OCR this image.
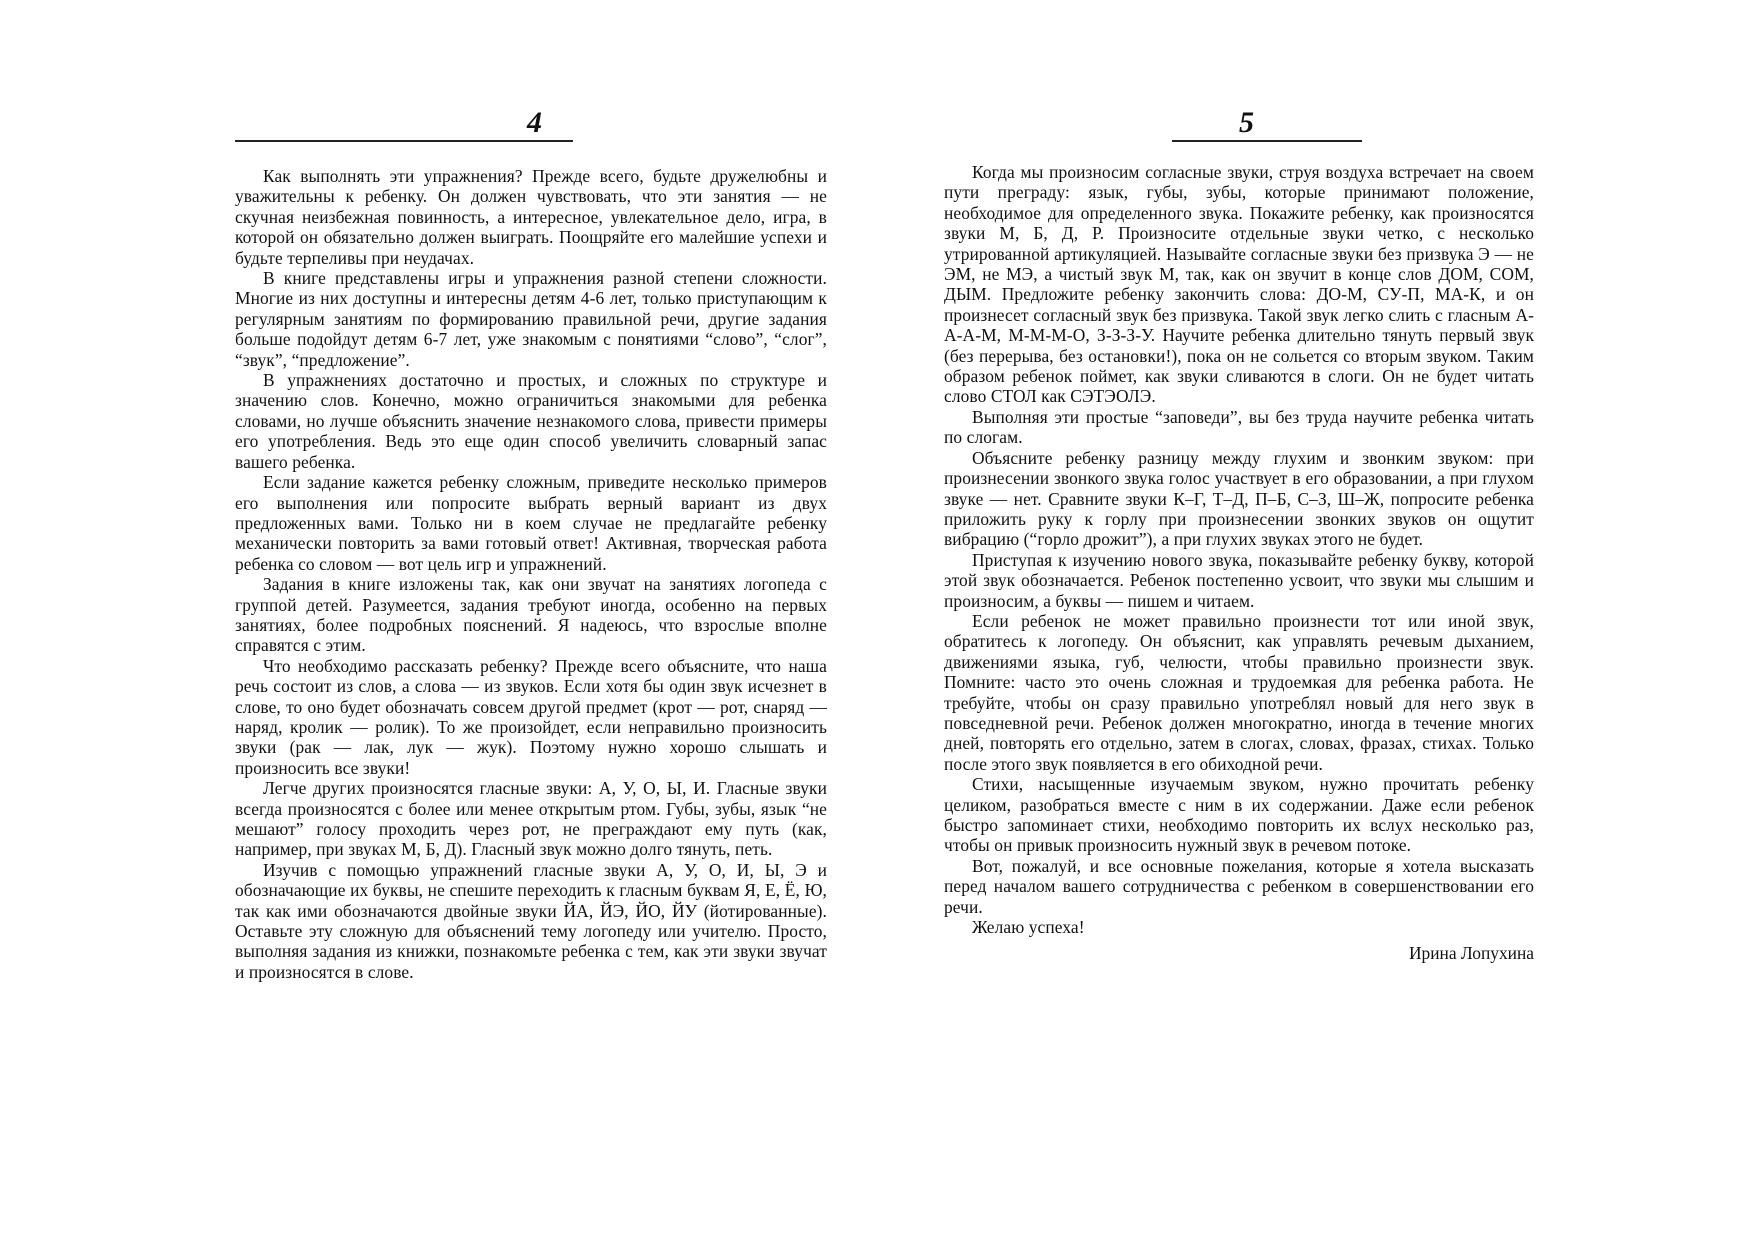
4

Как выполнять эти упражнения? Прежде всего, будьте дружелюбны и уважительны к ребенку. Он должен чувствовать, что эти занятия — не скучная неизбежная повинность, а интересное, увлекательное дело, игра, в которой он обязательно должен выиграть. Поощряйте его малейшие успехи и будьте терпеливы при неудачах.

В книге представлены игры и упражнения разной степени сложности. Многие из них доступны и интересны детям 4-6 лет, только приступающим к регулярным занятиям по формированию правильной речи, другие задания больше подойдут детям 6-7 лет, уже знакомым с понятиями “слово”, “слог”, “звук”, “предложение”.

В упражнениях достаточно и простых, и сложных по структуре и значению слов. Конечно, можно ограничиться знакомыми для ребенка словами, но лучше объяснить значение незнакомого слова, привести примеры его употребления. Ведь это еще один способ увеличить словарный запас вашего ребенка.

Если задание кажется ребенку сложным, приведите несколько примеров его выполнения или попросите выбрать верный вариант из двух предложенных вами. Только ни в коем случае не предлагайте ребенку механически повторить за вами готовый ответ! Активная, творческая работа ребенка со словом — вот цель игр и упражнений.

Задания в книге изложены так, как они звучат на занятиях логопеда с группой детей. Разумеется, задания требуют иногда, особенно на первых занятиях, более подробных пояснений. Я надеюсь, что взрослые вполне справятся с этим.

Что необходимо рассказать ребенку? Прежде всего объясните, что наша речь состоит из слов, а слова — из звуков. Если хотя бы один звук исчезнет в слове, то оно будет обозначать совсем другой предмет (крот — рот, снаряд — наряд, кролик — ролик). То же произойдет, если неправильно произносить звуки (рак — лак, лук — жук). Поэтому нужно хорошо слышать и произносить все звуки!

Легче других произносятся гласные звуки: А, У, О, Ы, И. Гласные звуки всегда произносятся с более или менее открытым ртом. Губы, зубы, язык “не мешают” голосу проходить через рот, не преграждают ему путь (как, например, при звуках М, Б, Д). Гласный звук можно долго тянуть, петь.

Изучив с помощью упражнений гласные звуки А, У, О, И, Ы, Э и обозначающие их буквы, не спешите переходить к гласным буквам Я, Е, Ё, Ю, так как ими обозначаются двойные звуки ЙА, ЙЭ, ЙО, ЙУ (йотированные). Оставьте эту сложную для объяснений тему логопеду или учителю. Просто, выполняя задания из книжки, познакомьте ребенка с тем, как эти звуки звучат и произносятся в слове.

5

Когда мы произносим согласные звуки, струя воздуха встречает на своем пути преграду: язык, губы, зубы, которые принимают положение, необходимое для определенного звука. Покажите ребенку, как произносятся звуки М, Б, Д, Р. Произносите отдельные звуки четко, с несколько утрированной артикуляцией. Называйте согласные звуки без призвука Э — не ЭМ, не МЭ, а чистый звук М, так, как он звучит в конце слов ДОМ, СОМ, ДЫМ. Предложите ребенку закончить слова: ДО-М, СУ-П, МА-К, и он произнесет согласный звук без призвука. Такой звук легко слить с гласным А-А-А-М, М-М-М-О, З-З-З-У. Научите ребенка длительно тянуть первый звук (без перерыва, без остановки!), пока он не сольется со вторым звуком. Таким образом ребенок поймет, как звуки сливаются в слоги. Он не будет читать слово СТОЛ как СЭТЭОЛЭ.

Выполняя эти простые “заповеди”, вы без труда научите ребенка читать по слогам.

Объясните ребенку разницу между глухим и звонким звуком: при произнесении звонкого звука голос участвует в его образовании, а при глухом звуке — нет. Сравните звуки К–Г, Т–Д, П–Б, С–З, Ш–Ж, попросите ребенка приложить руку к горлу при произнесении звонких звуков он ощутит вибрацию (“горло дрожит”), а при глухих звуках этого не будет.

Приступая к изучению нового звука, показывайте ребенку букву, которой этой звук обозначается. Ребенок постепенно усвоит, что звуки мы слышим и произносим, а буквы — пишем и читаем.

Если ребенок не может правильно произнести тот или иной звук, обратитесь к логопеду. Он объяснит, как управлять речевым дыханием, движениями языка, губ, челюсти, чтобы правильно произнести звук. Помните: часто это очень сложная и трудоемкая для ребенка работа. Не требуйте, чтобы он сразу правильно употреблял новый для него звук в повседневной речи. Ребенок должен многократно, иногда в течение многих дней, повторять его отдельно, затем в слогах, словах, фразах, стихах. Только после этого звук появляется в его обиходной речи.

Стихи, насыщенные изучаемым звуком, нужно прочитать ребенку целиком, разобраться вместе с ним в их содержании. Даже если ребенок быстро запоминает стихи, необходимо повторить их вслух несколько раз, чтобы он привык произносить нужный звук в речевом потоке.

Вот, пожалуй, и все основные пожелания, которые я хотела высказать перед началом вашего сотрудничества с ребенком в совершенствовании его речи.

Желаю успеха!

Ирина Лопухина
